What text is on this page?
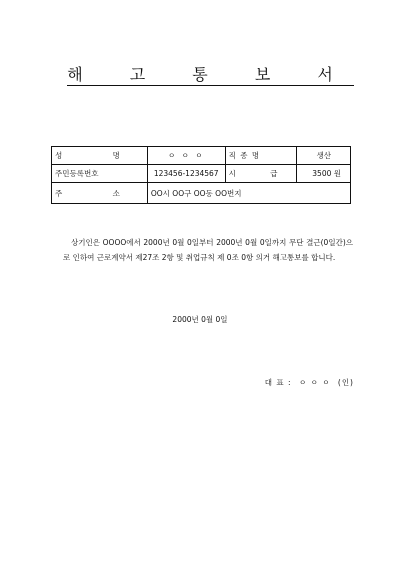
해 고 통 보 서
성 명	ㅇ ㅇ ㅇ	직 종 명	생산
주민등록번호	123456-1234567	시 급	3500 원
주 소	OO시 OO구 OO동 OO번지		

상기인은 OOOO에서 2000년 0월 0일부터 2000년 0월 0일까지 무단 결근(0일간)으로 인하여 근로계약서 제27조 2항 및 취업규칙 제 0조 0항 의거 해고통보를 합니다.

2000년 0월 0일
대 표 : ㅇ ㅇ ㅇ (인)
